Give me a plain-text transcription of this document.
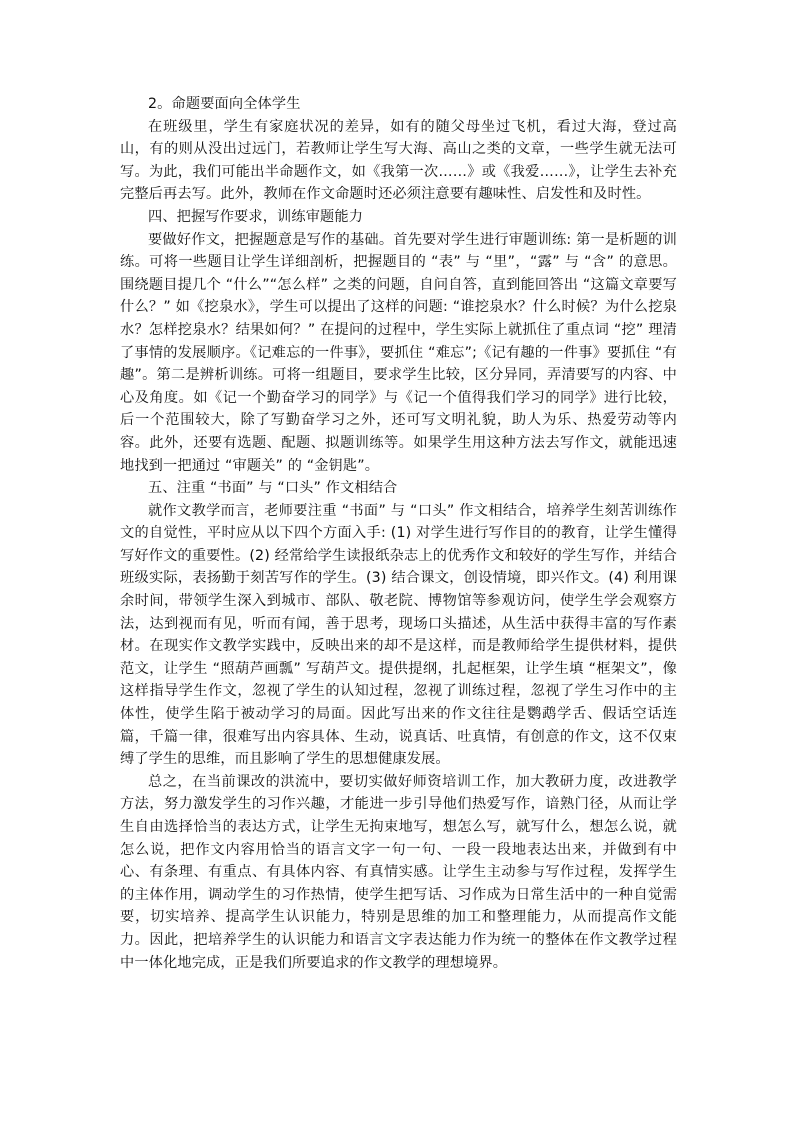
2。命题要面向全体学生

在班级里，学生有家庭状况的差异，如有的随父母坐过飞机，看过大海，登过高山，有的则从没出过远门，若教师让学生写大海、高山之类的文章，一些学生就无法可写。为此，我们可能出半命题作文，如《我第一次……》或《我爱……》，让学生去补充完整后再去写。此外，教师在作文命题时还必须注意要有趣味性、启发性和及时性。

四、把握写作要求，训练审题能力

要做好作文，把握题意是写作的基础。首先要对学生进行审题训练: 第一是析题的训练。可将一些题目让学生详细剖析，把握题目的 “表” 与 “里”，“露” 与 “含” 的意思。围绕题目提几个 “什么”“怎么样” 之类的问题，自问自答，直到能回答出 “这篇文章要写什么？” 如《挖泉水》，学生可以提出了这样的问题: “谁挖泉水？什么时候？为什么挖泉水？怎样挖泉水？结果如何？” 在提问的过程中，学生实际上就抓住了重点词 “挖” 理清了事情的发展顺序。《记难忘的一件事》，要抓住 “难忘”;《记有趣的一件事》要抓住 “有趣”。第二是辨析训练。可将一组题目，要求学生比较，区分异同，弄清要写的内容、中心及角度。如《记一个勤奋学习的同学》与《记一个值得我们学习的同学》进行比较，后一个范围较大，除了写勤奋学习之外，还可写文明礼貌，助人为乐、热爱劳动等内容。此外，还要有选题、配题、拟题训练等。如果学生用这种方法去写作文，就能迅速地找到一把通过 “审题关” 的 “金钥匙”。

五、注重 “书面” 与 “口头” 作文相结合

就作文教学而言，老师要注重 “书面” 与 “口头” 作文相结合，培养学生刻苦训练作文的自觉性，平时应从以下四个方面入手: (1) 对学生进行写作目的的教育，让学生懂得写好作文的重要性。(2) 经常给学生读报纸杂志上的优秀作文和较好的学生写作，并结合班级实际，表扬勤于刻苦写作的学生。(3) 结合课文，创设情境，即兴作文。(4) 利用课余时间，带领学生深入到城市、部队、敬老院、博物馆等参观访问，使学生学会观察方法，达到视而有见，听而有闻，善于思考，现场口头描述，从生活中获得丰富的写作素材。在现实作文教学实践中，反映出来的却不是这样，而是教师给学生提供材料，提供范文，让学生 “照葫芦画瓢” 写葫芦文。提供提纲，扎起框架，让学生填 “框架文”，像这样指导学生作文，忽视了学生的认知过程，忽视了训练过程，忽视了学生习作中的主体性，使学生陷于被动学习的局面。因此写出来的作文往往是鹦鹉学舌、假话空话连篇，千篇一律，很难写出内容具体、生动，说真话、吐真情，有创意的作文，这不仅束缚了学生的思维，而且影响了学生的思想健康发展。

总之，在当前课改的洪流中，要切实做好师资培训工作，加大教研力度，改进教学方法，努力激发学生的习作兴趣，才能进一步引导他们热爱写作，谙熟门径，从而让学生自由选择恰当的表达方式，让学生无拘束地写，想怎么写，就写什么，想怎么说，就怎么说，把作文内容用恰当的语言文字一句一句、一段一段地表达出来，并做到有中心、有条理、有重点、有具体内容、有真情实感。让学生主动参与写作过程，发挥学生的主体作用，调动学生的习作热情，使学生把写话、习作成为日常生活中的一种自觉需要，切实培养、提高学生认识能力，特别是思维的加工和整理能力，从而提高作文能力。因此，把培养学生的认识能力和语言文字表达能力作为统一的整体在作文教学过程中一体化地完成，正是我们所要追求的作文教学的理想境界。
